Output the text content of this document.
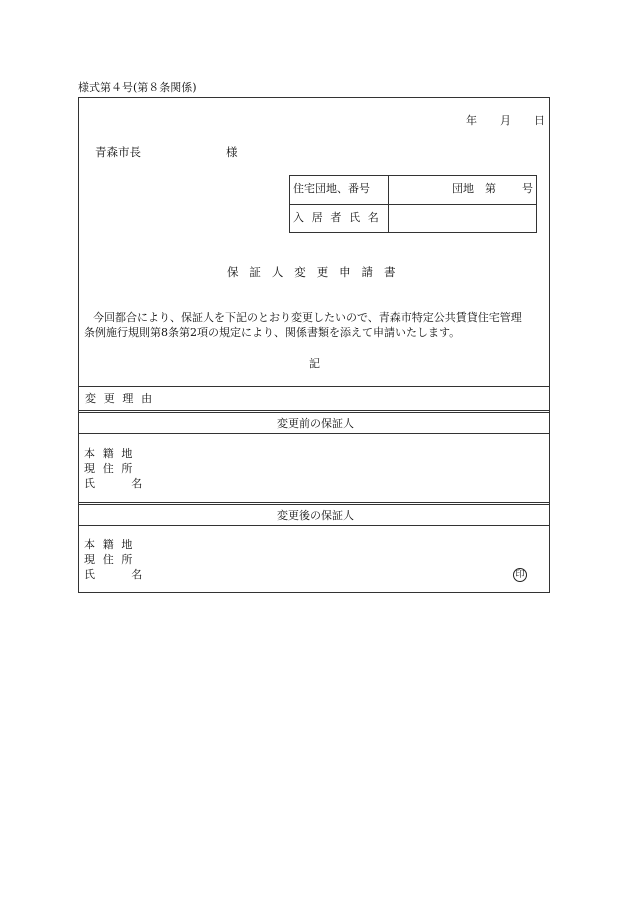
様式第４号(第８条関係)
年 月 日
青森市長	様
住宅団地、番号	団地 第 号
入居者氏名
保証人変更申請書
今回都合により、保証人を下記のとおり変更したいので、青森市特定公共賃貸住宅管理
条例施行規則第8条第2項の規定により、関係書類を添えて申請いたします。
記
変更理由
変更前の保証人
本籍地
現住所
氏名
変更後の保証人
本籍地
現住所
氏名	印
